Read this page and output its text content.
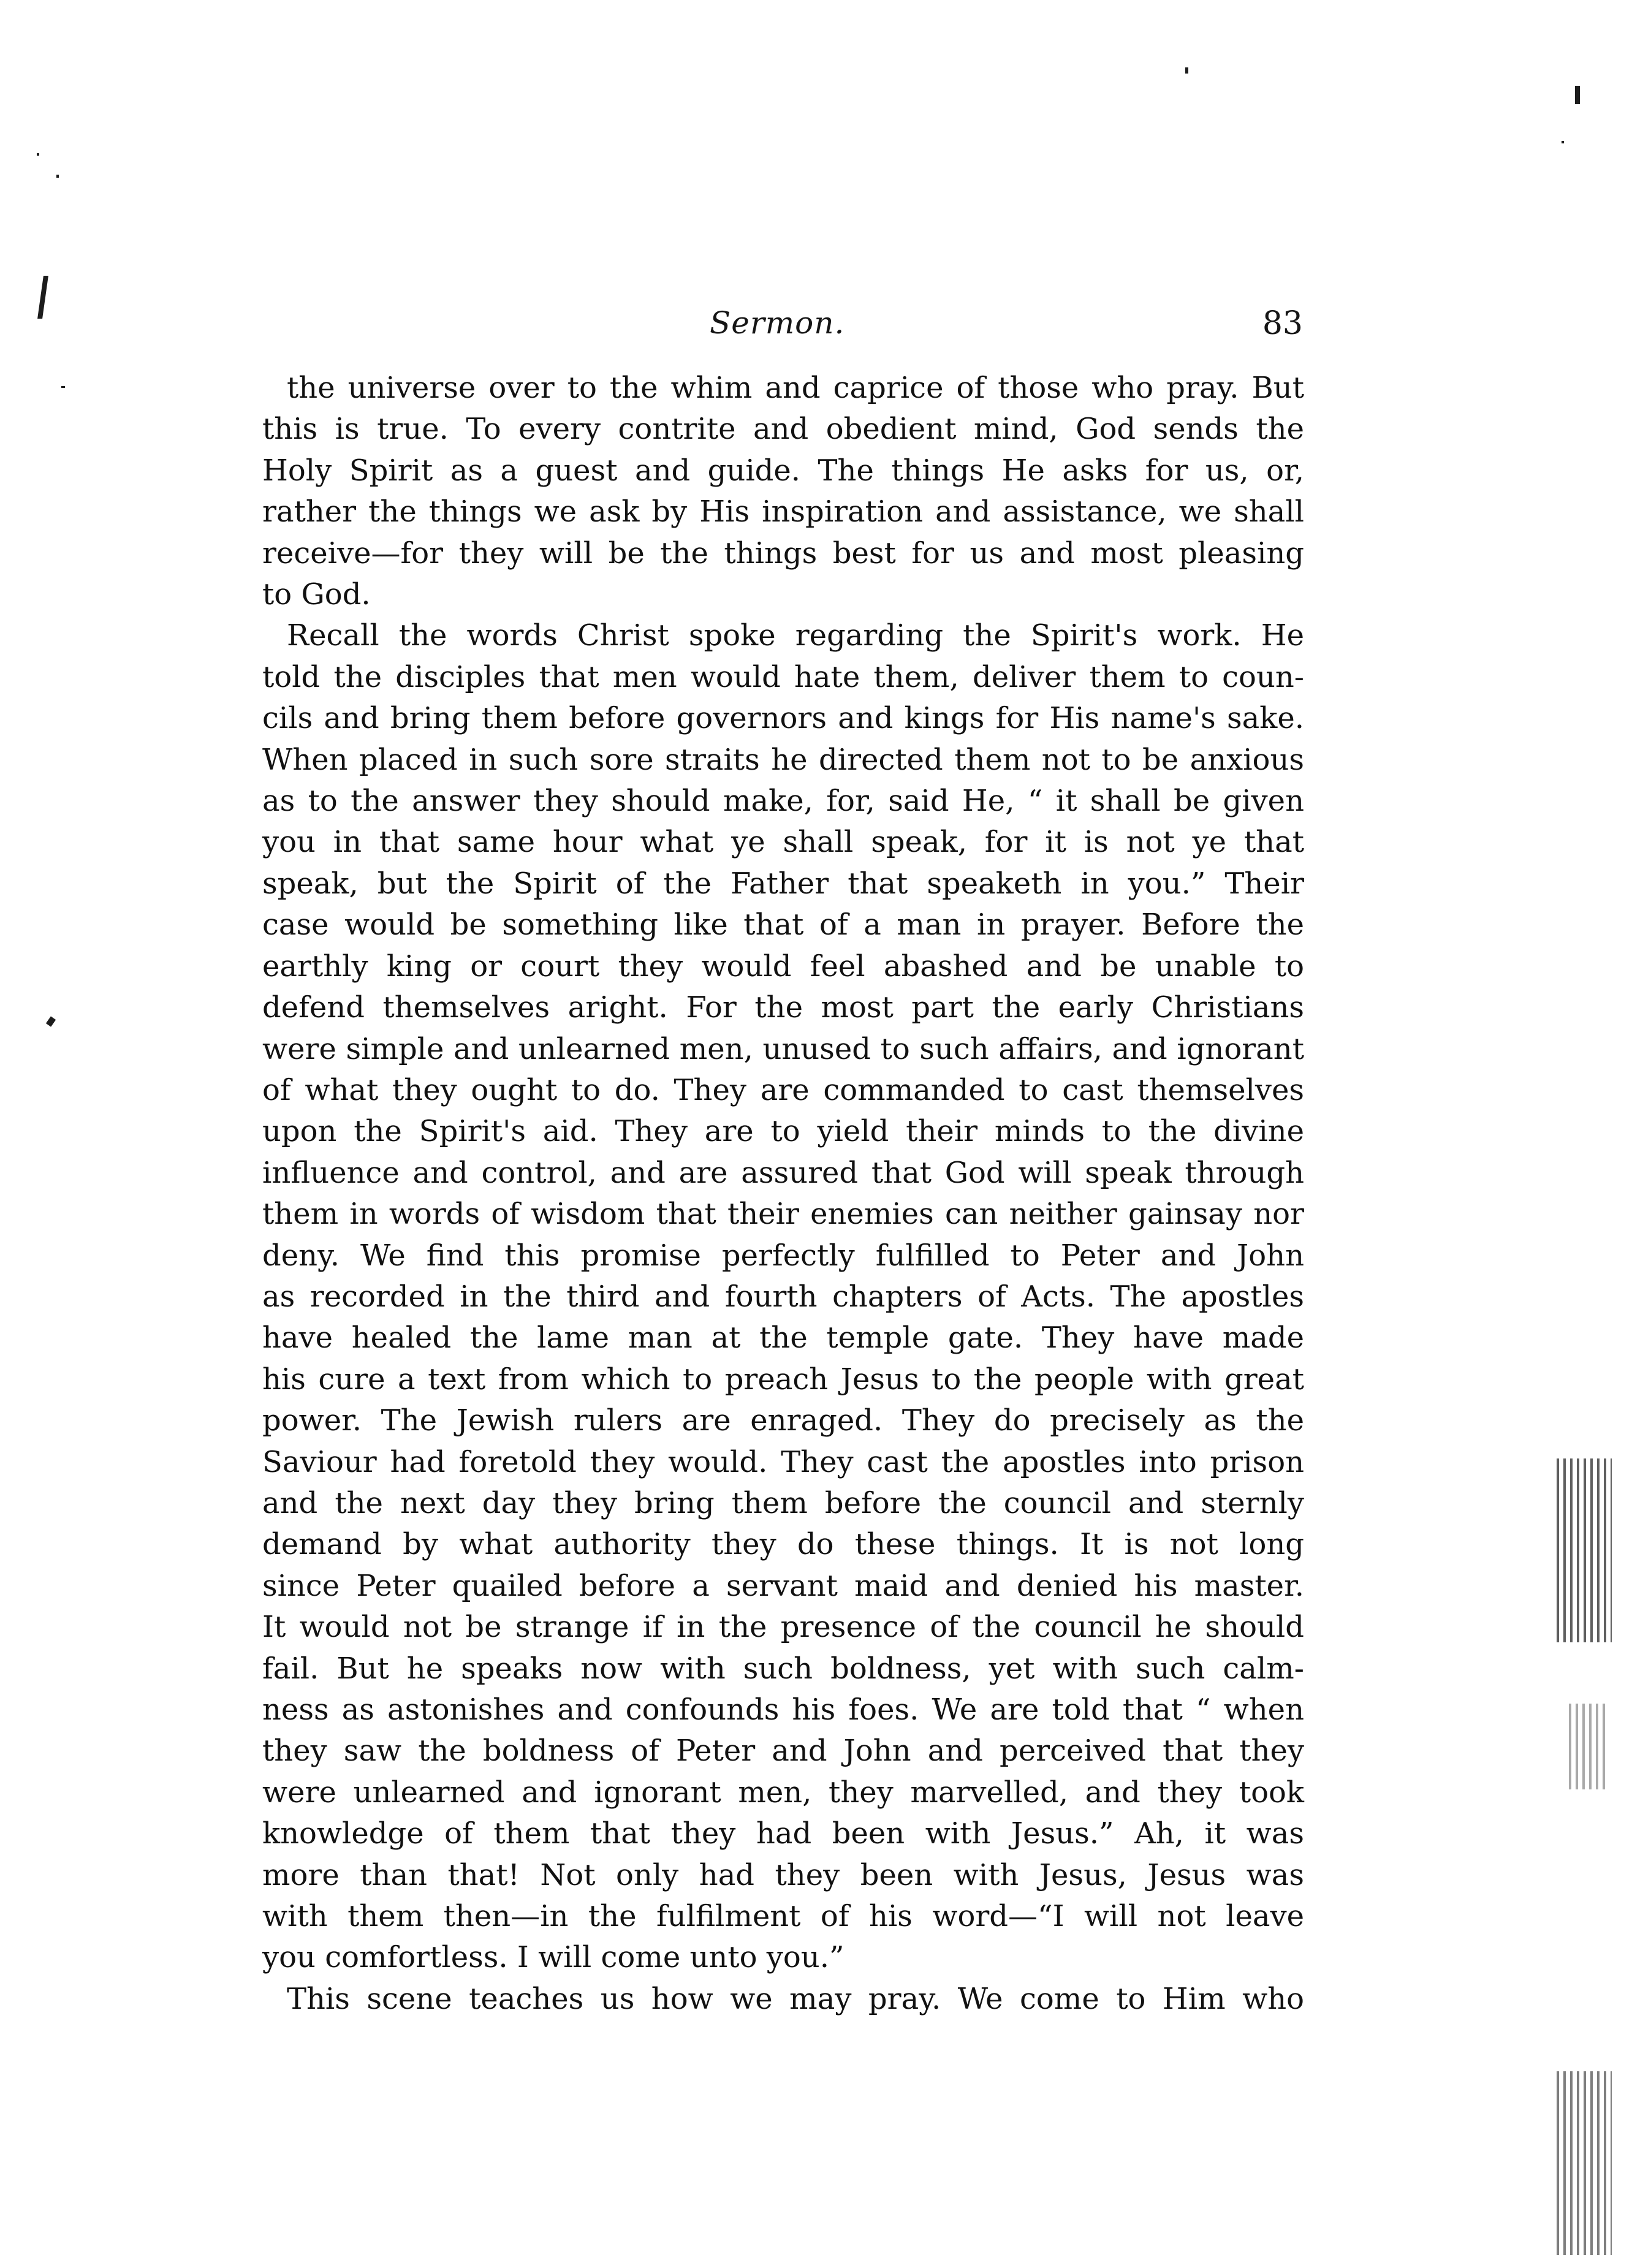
Sermon.	83
the universe over to the whim and caprice of those who pray. But
this is true. To every contrite and obedient mind, God sends the
Holy Spirit as a guest and guide. The things He asks for us, or,
rather the things we ask by His inspiration and assistance, we shall
receive—for they will be the things best for us and most pleasing
to God.
Recall the words Christ spoke regarding the Spirit's work. He
told the disciples that men would hate them, deliver them to coun-
cils and bring them before governors and kings for His name's sake.
When placed in such sore straits he directed them not to be anxious
as to the answer they should make, for, said He, “ it shall be given
you in that same hour what ye shall speak, for it is not ye that
speak, but the Spirit of the Father that speaketh in you.” Their
case would be something like that of a man in prayer. Before the
earthly king or court they would feel abashed and be unable to
defend themselves aright. For the most part the early Christians
were simple and unlearned men, unused to such affairs, and ignorant
of what they ought to do. They are commanded to cast themselves
upon the Spirit's aid. They are to yield their minds to the divine
influence and control, and are assured that God will speak through
them in words of wisdom that their enemies can neither gainsay nor
deny. We find this promise perfectly fulfilled to Peter and John
as recorded in the third and fourth chapters of Acts. The apostles
have healed the lame man at the temple gate. They have made
his cure a text from which to preach Jesus to the people with great
power. The Jewish rulers are enraged. They do precisely as the
Saviour had foretold they would. They cast the apostles into prison
and the next day they bring them before the council and sternly
demand by what authority they do these things. It is not long
since Peter quailed before a servant maid and denied his master.
It would not be strange if in the presence of the council he should
fail. But he speaks now with such boldness, yet with such calm-
ness as astonishes and confounds his foes. We are told that “ when
they saw the boldness of Peter and John and perceived that they
were unlearned and ignorant men, they marvelled, and they took
knowledge of them that they had been with Jesus.” Ah, it was
more than that! Not only had they been with Jesus, Jesus was
with them then—in the fulfilment of his word—“I will not leave
you comfortless. I will come unto you.”
This scene teaches us how we may pray. We come to Him who
